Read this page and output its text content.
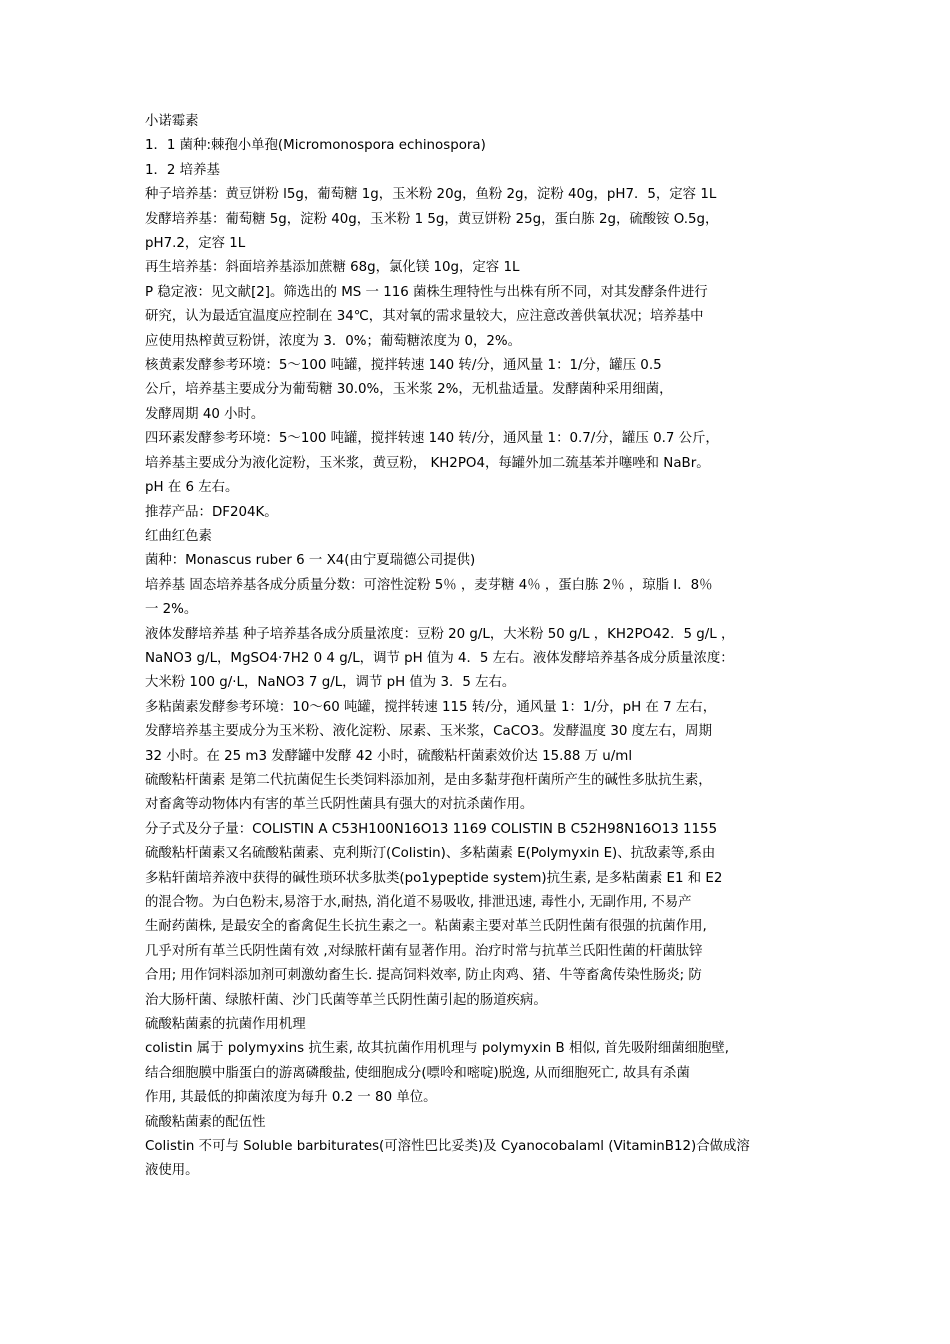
小诺霉素
1．1 菌种:棘孢小单孢(Micromonospora echinospora)
1．2 培养基
种子培养基：黄豆饼粉 l5g，葡萄糖 1g，玉米粉 20g，鱼粉 2g，淀粉 40g，pH7．5，定容 1L
发酵培养基：葡萄糖 5g，淀粉 40g，玉米粉 1 5g，黄豆饼粉 25g，蛋白胨 2g，硫酸铵 O.5g，
pH7.2，定容 1L
再生培养基：斜面培养基添加蔗糖 68g，氯化镁 10g，定容 1L
P 稳定液：见文献[2]。筛选出的 MS 一 116 菌株生理特性与出株有所不同，对其发酵条件进行
研究，认为最适宜温度应控制在 34℃，其对氧的需求量较大，应注意改善供氧状况；培养基中
应使用热榨黄豆粉饼，浓度为 3．0%；葡萄糖浓度为 0，2%。
核黄素发酵参考环境：5～100 吨罐，搅拌转速 140 转/分，通风量 1：1/分，罐压 0.5
公斤，培养基主要成分为葡萄糖 30.0%，玉米浆 2%，无机盐适量。发酵菌种采用细菌，
发酵周期 40 小时。
四环素发酵参考环境：5～100 吨罐，搅拌转速 140 转/分，通风量 1：0.7/分，罐压 0.7 公斤，
培养基主要成分为液化淀粉，玉米浆，黄豆粉， KH2PO4，每罐外加二巯基苯并噻唑和 NaBr。
pH 在 6 左右。
推荐产品：DF204K。
红曲红色素
菌种：Monascus ruber 6 一 X4(由宁夏瑞德公司提供)
培养基 固态培养基各成分质量分数：可溶性淀粉 5％ ，麦芽糖 4％ ，蛋白胨 2％ ，琼脂 I．8％
一 2%。
液体发酵培养基 种子培养基各成分质量浓度：豆粉 20 g/L，大米粉 50 g/L ，KH2PO42．5 g/L ，
NaNO3 g/L，MgSO4·7H2 0 4 g/L，调节 pH 值为 4．5 左右。液体发酵培养基各成分质量浓度：
大米粉 100 g/·L，NaNO3 7 g/L，调节 pH 值为 3．5 左右。
多粘菌素发酵参考环境：10～60 吨罐，搅拌转速 115 转/分，通风量 1：1/分，pH 在 7 左右，
发酵培养基主要成分为玉米粉、液化淀粉、尿素、玉米浆，CaCO3。发酵温度 30 度左右，周期
32 小时。在 25 m3 发酵罐中发酵 42 小时，硫酸粘杆菌素效价达 15.88 万 u/ml
硫酸粘杆菌素 是第二代抗菌促生长类饲料添加剂，是由多黏芽孢杆菌所产生的碱性多肽抗生素，
对畜禽等动物体内有害的革兰氏阴性菌具有强大的对抗杀菌作用。
分子式及分子量：COLISTIN A C53H100N16O13 1169 COLISTIN B C52H98N16O13 1155
硫酸粘杆菌素又名硫酸粘菌素、克利斯汀(Colistin)、多粘菌素 E(Polymyxin E)、抗敌素等,系由
多粘轩菌培养液中获得的碱性琐环状多肽类(po1ypeptide system)抗生素, 是多粘菌素 E1 和 E2
的混合物。为白色粉末,易溶于水,耐热, 消化道不易吸收, 排泄迅速, 毒性小, 无副作用, 不易产
生耐药菌株, 是最安全的畜禽促生长抗生素之一。粘菌素主要对革兰氏阴性菌有很强的抗菌作用,
几乎对所有革兰氏阴性菌有效 ,对绿脓杆菌有显著作用。治疗时常与抗革兰氏阳性菌的杆菌肽锌
合用; 用作饲料添加剂可刺激幼畜生长. 提高饲料效率, 防止肉鸡、猪、牛等畜禽传染性肠炎; 防
治大肠杆菌、绿脓杆菌、沙门氏菌等革兰氏阴性菌引起的肠道疾病。
硫酸粘菌素的抗菌作用机理
colistin 属于 polymyxins 抗生素, 故其抗菌作用机理与 polymyxin B 相似, 首先吸附细菌细胞壁,
结合细胞膜中脂蛋白的游离磷酸盐, 使细胞成分(嘌呤和嘧啶)脱逸, 从而细胞死亡, 故具有杀菌
作用, 其最低的抑菌浓度为每升 0.2 一 80 单位。
硫酸粘菌素的配伍性
Colistin 不可与 Soluble barbiturates(可溶性巴比妥类)及 Cyanocobalaml (VitaminB12)合做成溶
液使用。
